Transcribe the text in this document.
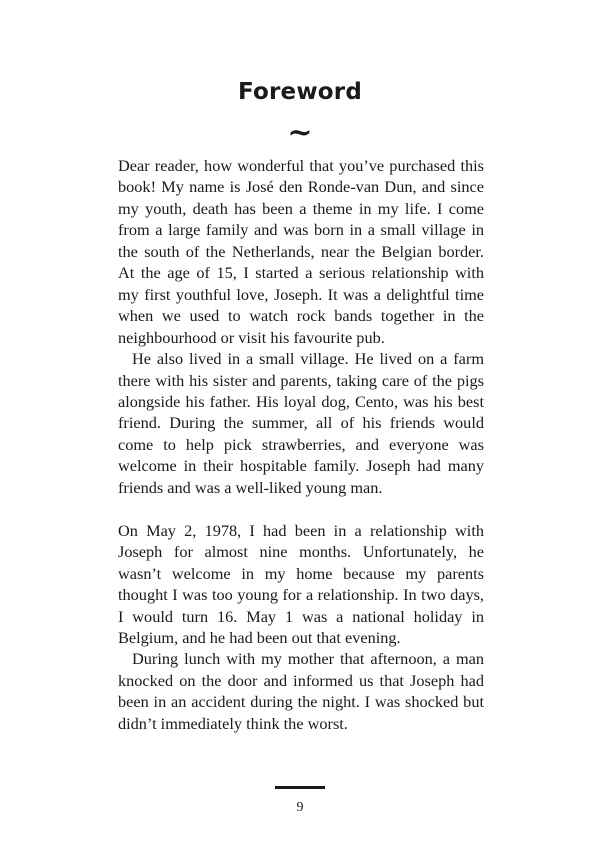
Foreword
~

Dear reader, how wonderful that you’ve purchased this book! My name is José den Ronde-van Dun, and since my youth, death has been a theme in my life. I come from a large family and was born in a small village in the south of the Netherlands, near the Belgian border. At the age of 15, I started a serious relationship with my first youthful love, Joseph. It was a delightful time when we used to watch rock bands together in the neighbourhood or visit his favourite pub.

He also lived in a small village. He lived on a farm there with his sister and parents, taking care of the pigs alongside his father. His loyal dog, Cento, was his best friend. During the summer, all of his friends would come to help pick strawberries, and everyone was welcome in their hospitable family. Joseph had many friends and was a well-liked young man.

On May 2, 1978, I had been in a relationship with Joseph for almost nine months. Unfortunately, he wasn’t welcome in my home because my parents thought I was too young for a relationship. In two days, I would turn 16. May 1 was a national holiday in Belgium, and he had been out that evening.

During lunch with my mother that afternoon, a man knocked on the door and informed us that Joseph had been in an accident during the night. I was shocked but didn’t immediately think the worst.

9
